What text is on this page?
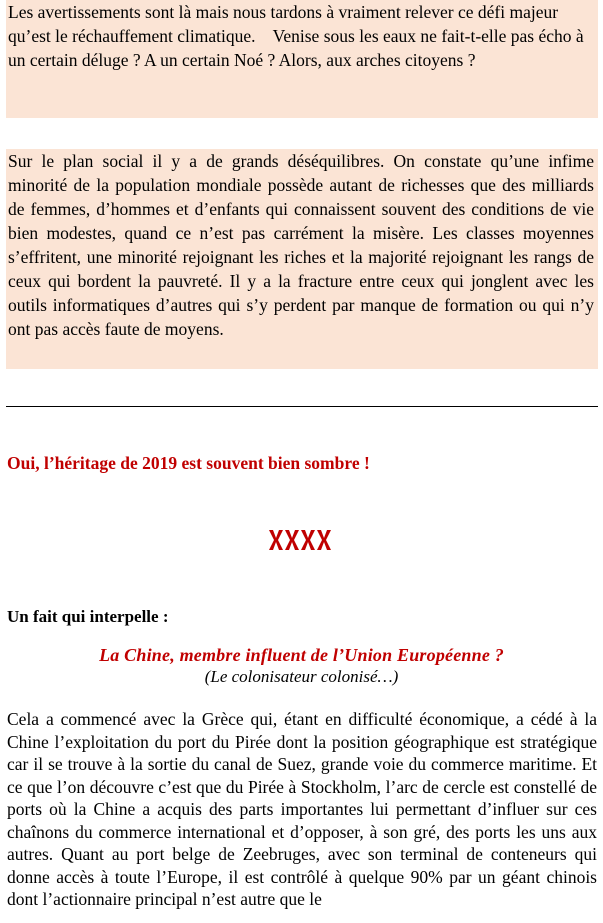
Les avertissements sont là mais nous tardons à vraiment relever ce défi majeur qu’est le réchauffement climatique.    Venise sous les eaux ne fait-t-elle pas écho à un certain déluge ? A un certain Noé ? Alors, aux arches citoyens ?

Sur le plan social il y a de grands déséquilibres. On constate qu’une infime minorité de la population mondiale possède autant de richesses que des milliards de femmes, d’hommes et d’enfants qui connaissent souvent des conditions de vie bien modestes, quand ce n’est pas carrément la misère. Les classes moyennes s’effritent, une minorité rejoignant les riches et la majorité rejoignant les rangs de ceux qui bordent la pauvreté. Il y a la fracture entre ceux qui jonglent avec les outils informatiques d’autres qui s’y perdent par manque de formation ou qui n’y ont pas accès faute de moyens.

Oui, l’héritage de 2019 est souvent bien sombre !
Un fait qui interpelle :
La Chine, membre influent de l’Union Européenne ?
(Le colonisateur colonisé…)
Cela a commencé avec la Grèce qui, étant en difficulté économique, a cédé à la Chine l’exploitation du port du Pirée dont la position géographique est stratégique car il se trouve à la sortie du canal de Suez, grande voie du commerce maritime. Et ce que l’on découvre c’est que du Pirée à Stockholm, l’arc de cercle est constellé de ports où la Chine a acquis des parts importantes lui permettant d’influer sur ces chaînons du commerce international et d’opposer, à son gré, des ports les uns aux autres. Quant au port belge de Zeebruges, avec son terminal de conteneurs qui donne accès à toute l’Europe, il est contrôlé à quelque 90% par un géant chinois dont l’actionnaire principal n’est autre que le
